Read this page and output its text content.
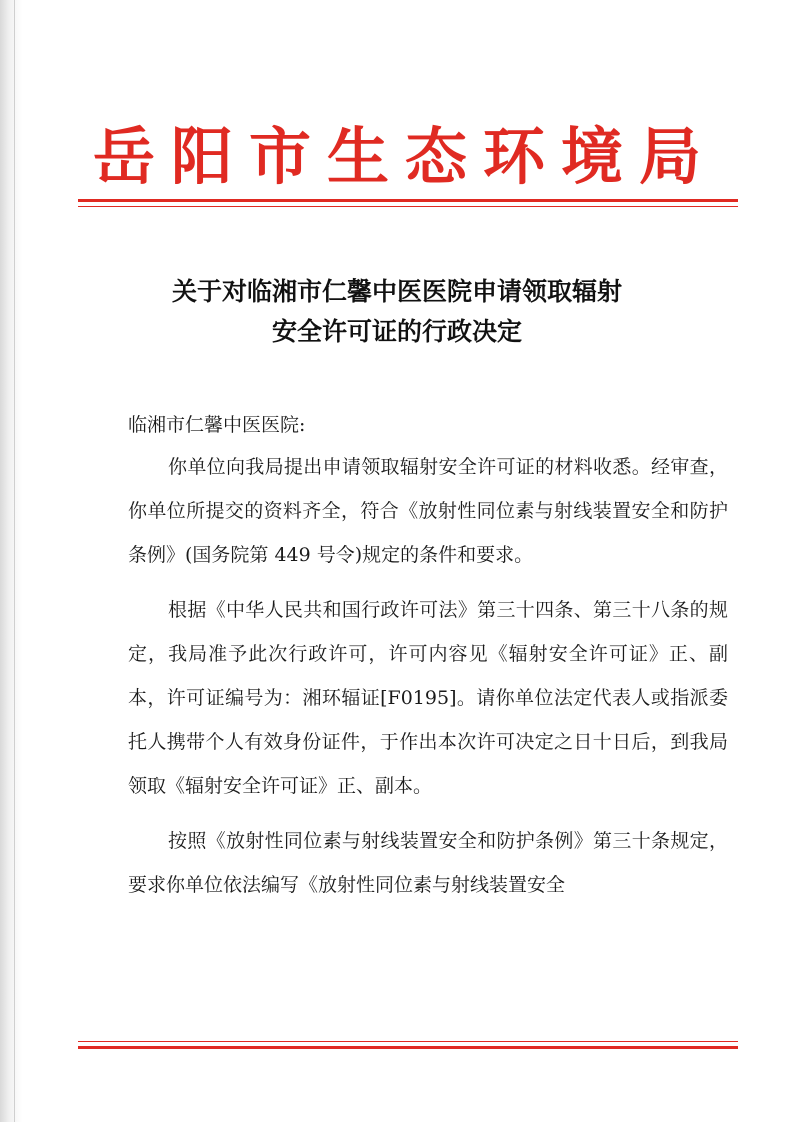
岳阳市生态环境局
关于对临湘市仁馨中医医院申请领取辐射
安全许可证的行政决定
临湘市仁馨中医医院:

你单位向我局提出申请领取辐射安全许可证的材料收悉。经审查，你单位所提交的资料齐全，符合《放射性同位素与射线装置安全和防护条例》(国务院第 449 号令)规定的条件和要求。

根据《中华人民共和国行政许可法》第三十四条、第三十八条的规定，我局准予此次行政许可，许可内容见《辐射安全许可证》正、副本，许可证编号为：湘环辐证[F0195]。请你单位法定代表人或指派委托人携带个人有效身份证件，于作出本次许可决定之日十日后，到我局领取《辐射安全许可证》正、副本。

按照《放射性同位素与射线装置安全和防护条例》第三十条规定，要求你单位依法编写《放射性同位素与射线装置安全
